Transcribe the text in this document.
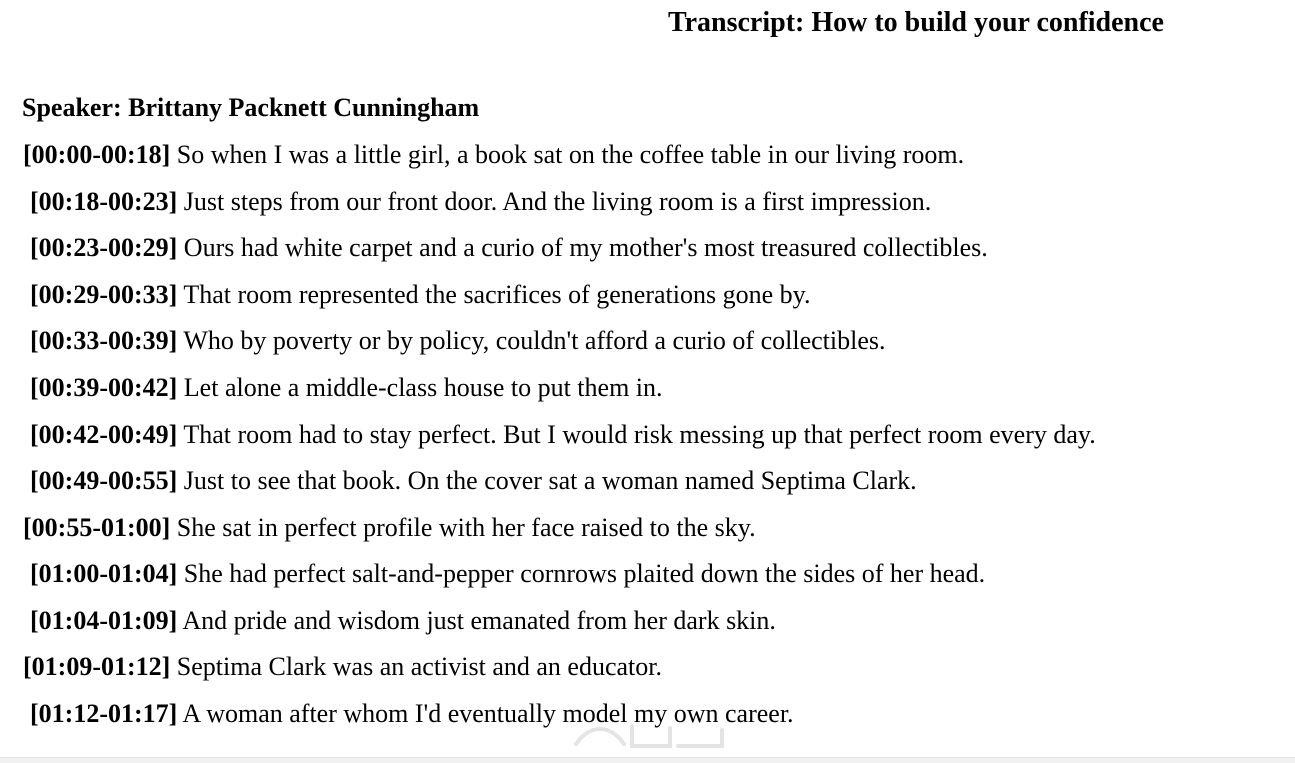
Transcript: How to build your confidence
Speaker: Brittany Packnett Cunningham
[00:00-00:18] So when I was a little girl, a book sat on the coffee table in our living room.
[00:18-00:23] Just steps from our front door. And the living room is a first impression.
[00:23-00:29] Ours had white carpet and a curio of my mother's most treasured collectibles.
[00:29-00:33] That room represented the sacrifices of generations gone by.
[00:33-00:39] Who by poverty or by policy, couldn't afford a curio of collectibles.
[00:39-00:42] Let alone a middle-class house to put them in.
[00:42-00:49] That room had to stay perfect. But I would risk messing up that perfect room every day.
[00:49-00:55] Just to see that book. On the cover sat a woman named Septima Clark.
[00:55-01:00] She sat in perfect profile with her face raised to the sky.
[01:00-01:04] She had perfect salt-and-pepper cornrows plaited down the sides of her head.
[01:04-01:09] And pride and wisdom just emanated from her dark skin.
[01:09-01:12] Septima Clark was an activist and an educator.
[01:12-01:17] A woman after whom I'd eventually model my own career.
